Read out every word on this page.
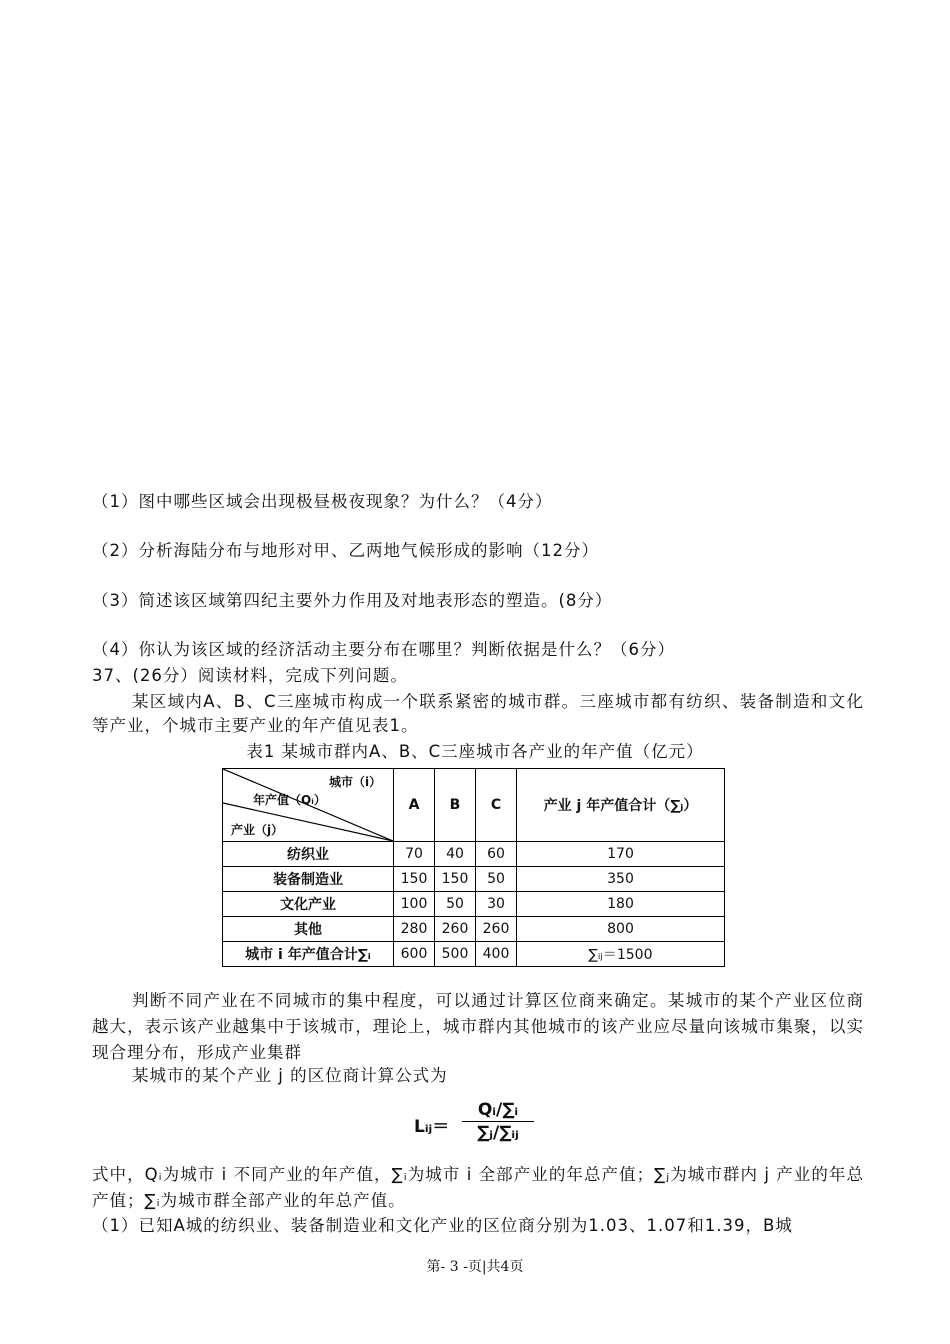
（1）图中哪些区域会出现极昼极夜现象？为什么？（4分）
（2）分析海陆分布与地形对甲、乙两地气候形成的影响（12分）
（3）简述该区域第四纪主要外力作用及对地表形态的塑造。(8分）
（4）你认为该区域的经济活动主要分布在哪里？判断依据是什么？（6分）
37、(26分）阅读材料，完成下列问题。
某区域内A、B、C三座城市构成一个联系紧密的城市群。三座城市都有纺织、装备制造和文化等产业，个城市主要产业的年产值见表1。
表1 某城市群内A、B、C三座城市各产业的年产值（亿元）
城市（i）
年产值（Qᵢ）
产业（j）	A	B	C	产业 j 年产值合计（∑ⱼ）
纺织业	70	40	60	170
装备制造业	150	150	50	350
文化产业	100	50	30	180
其他	280	260	260	800
城市 i 年产值合计∑ᵢ	600	500	400	∑ᵢⱼ＝1500
判断不同产业在不同城市的集中程度，可以通过计算区位商来确定。某城市的某个产业区位商越大，表示该产业越集中于该城市，理论上，城市群内其他城市的该产业应尽量向该城市集聚，以实现合理分布，形成产业集群
某城市的某个产业 j 的区位商计算公式为
Lᵢⱼ＝
Qᵢ/∑ᵢ
∑ⱼ/∑ᵢⱼ
式中，Qᵢ为城市 i 不同产业的年产值，∑ᵢ为城市 i 全部产业的年总产值；∑ⱼ为城市群内 j 产业的年总产值；∑ᵢ为城市群全部产业的年总产值。
（1）已知A城的纺织业、装备制造业和文化产业的区位商分别为1.03、1.07和1.39，B城
第- 3 -页|共4页
